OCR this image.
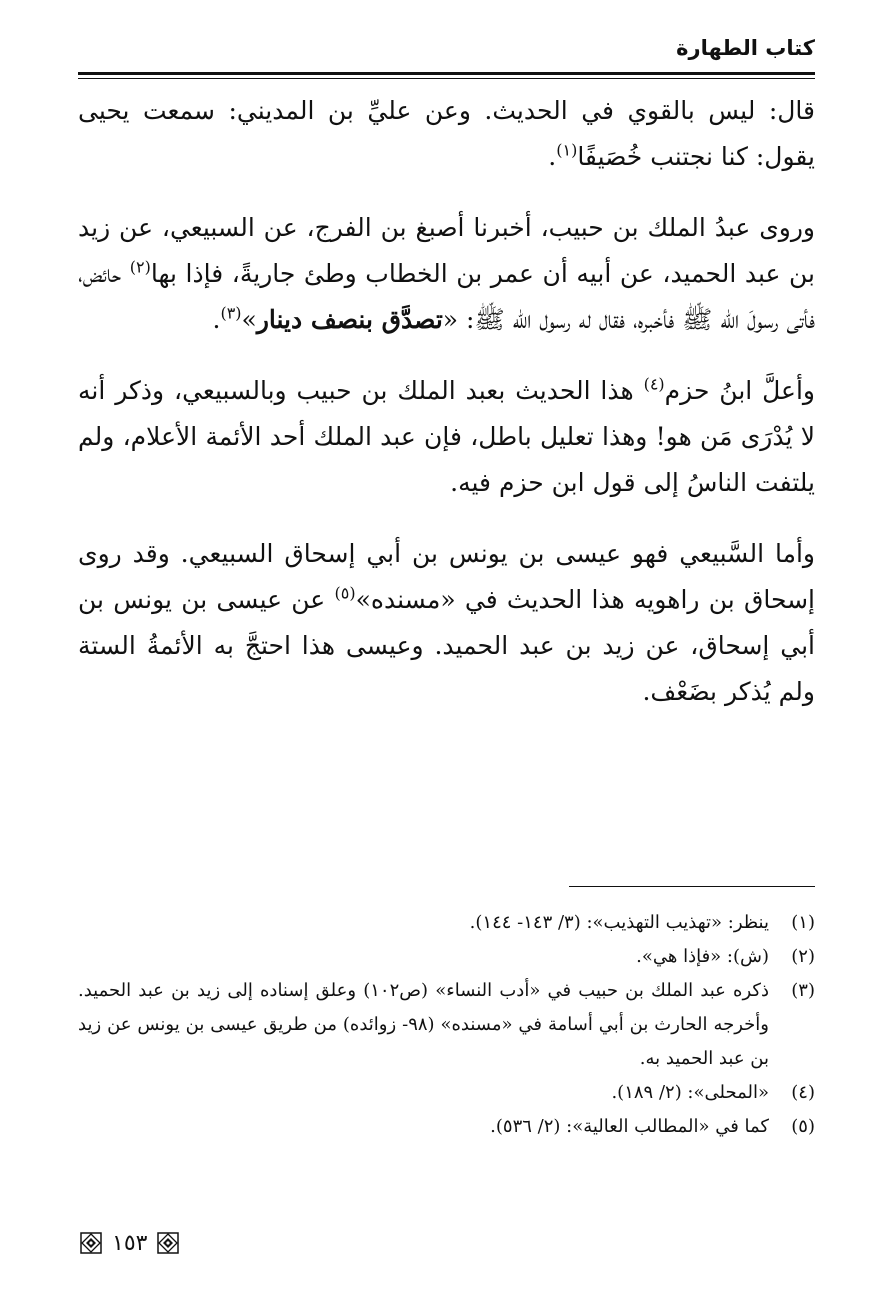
كتاب الطهارة

قال: ليس بالقوي في الحديث. وعن عليِّ بن المديني: سمعت يحيى يقول: كنا نجتنب خُصَيفًا$^{(١)}$.

وروى عبدُ الملك بن حبيب، أخبرنا أصبغ بن الفرج، عن السبيعي، عن زيد بن عبد الحميد، عن أبيه أن عمر بن الخطاب وطئ جاريةً، فإذا بها$^{(٢)}$ حائض، فأتى رسولَ الله ﷺ فأخبره، فقال له رسول الله ﷺ: «تصدَّق بنصف دينار»$^{(٣)}$.

وأعلَّ ابنُ حزم$^{(٤)}$ هذا الحديث بعبد الملك بن حبيب وبالسبيعي، وذكر أنه لا يُدْرَى مَن هو! وهذا تعليل باطل، فإن عبد الملك أحد الأئمة الأعلام، ولم يلتفت الناسُ إلى قول ابن حزم فيه.

وأما السَّبيعي فهو عيسى بن يونس بن أبي إسحاق السبيعي. وقد روى إسحاق بن راهويه هذا الحديث في «مسنده»$^{(٥)}$ عن عيسى بن يونس بن أبي إسحاق، عن زيد بن عبد الحميد. وعيسى هذا احتجَّ به الأئمةُ الستة ولم يُذكر بضَعْف.

(١)
ينظر: «تهذيب التهذيب»: (٣/ ١٤٣- ١٤٤).
(٢)
(ش): «فإذا هي».
(٣)
ذكره عبد الملك بن حبيب في «أدب النساء» (ص١٠٢) وعلق إسناده إلى زيد بن عبد الحميد. وأخرجه الحارث بن أبي أسامة في «مسنده» (٩٨- زوائده) من طريق عيسى بن يونس عن زيد بن عبد الحميد به.
(٤)
«المحلى»: (٢/ ١٨٩).
(٥)
كما في «المطالب العالية»: (٢/ ٥٣٦).
١٥٣
